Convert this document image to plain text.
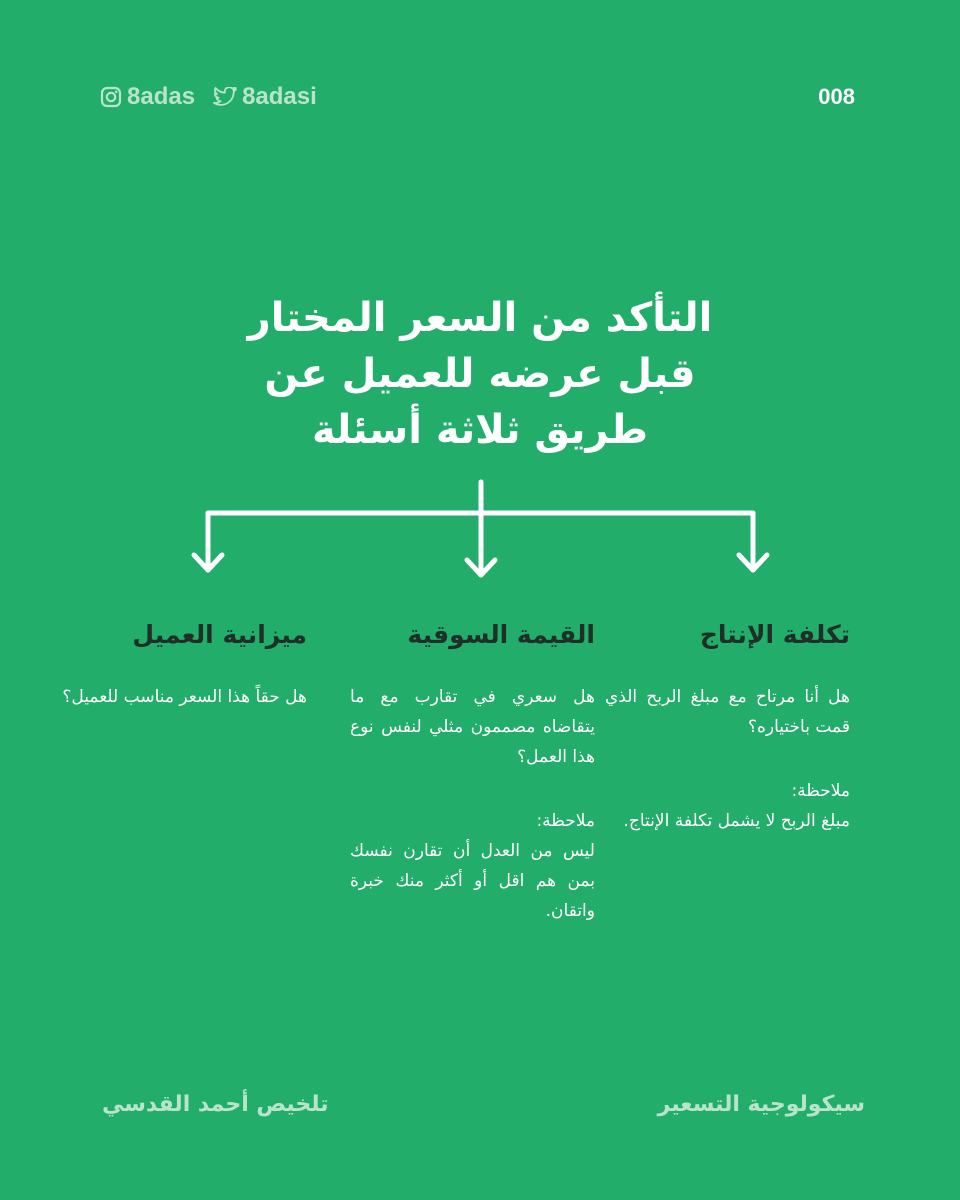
8adas 8adasi	008
التأكد من السعر المختار
قبل عرضه للعميل عن
طريق ثلاثة أسئلة
تكلفة الإنتاج
هل أنا مرتاح مع مبلغ الربح الذي قمت باختياره؟
ملاحظة:
مبلغ الربح لا يشمل تكلفة الإنتاج.
القيمة السوقية
هل سعري في تقارب مع ما يتقاضاه مصممون مثلي لنفس نوع هذا العمل؟
ملاحظة:
ليس من العدل أن تقارن نفسك بمن هم اقل أو أكثر منك خبرة واتقان.
ميزانية العميل
هل حقاً هذا السعر مناسب للعميل؟
سيكولوجية التسعير
تلخيص أحمد القدسي
